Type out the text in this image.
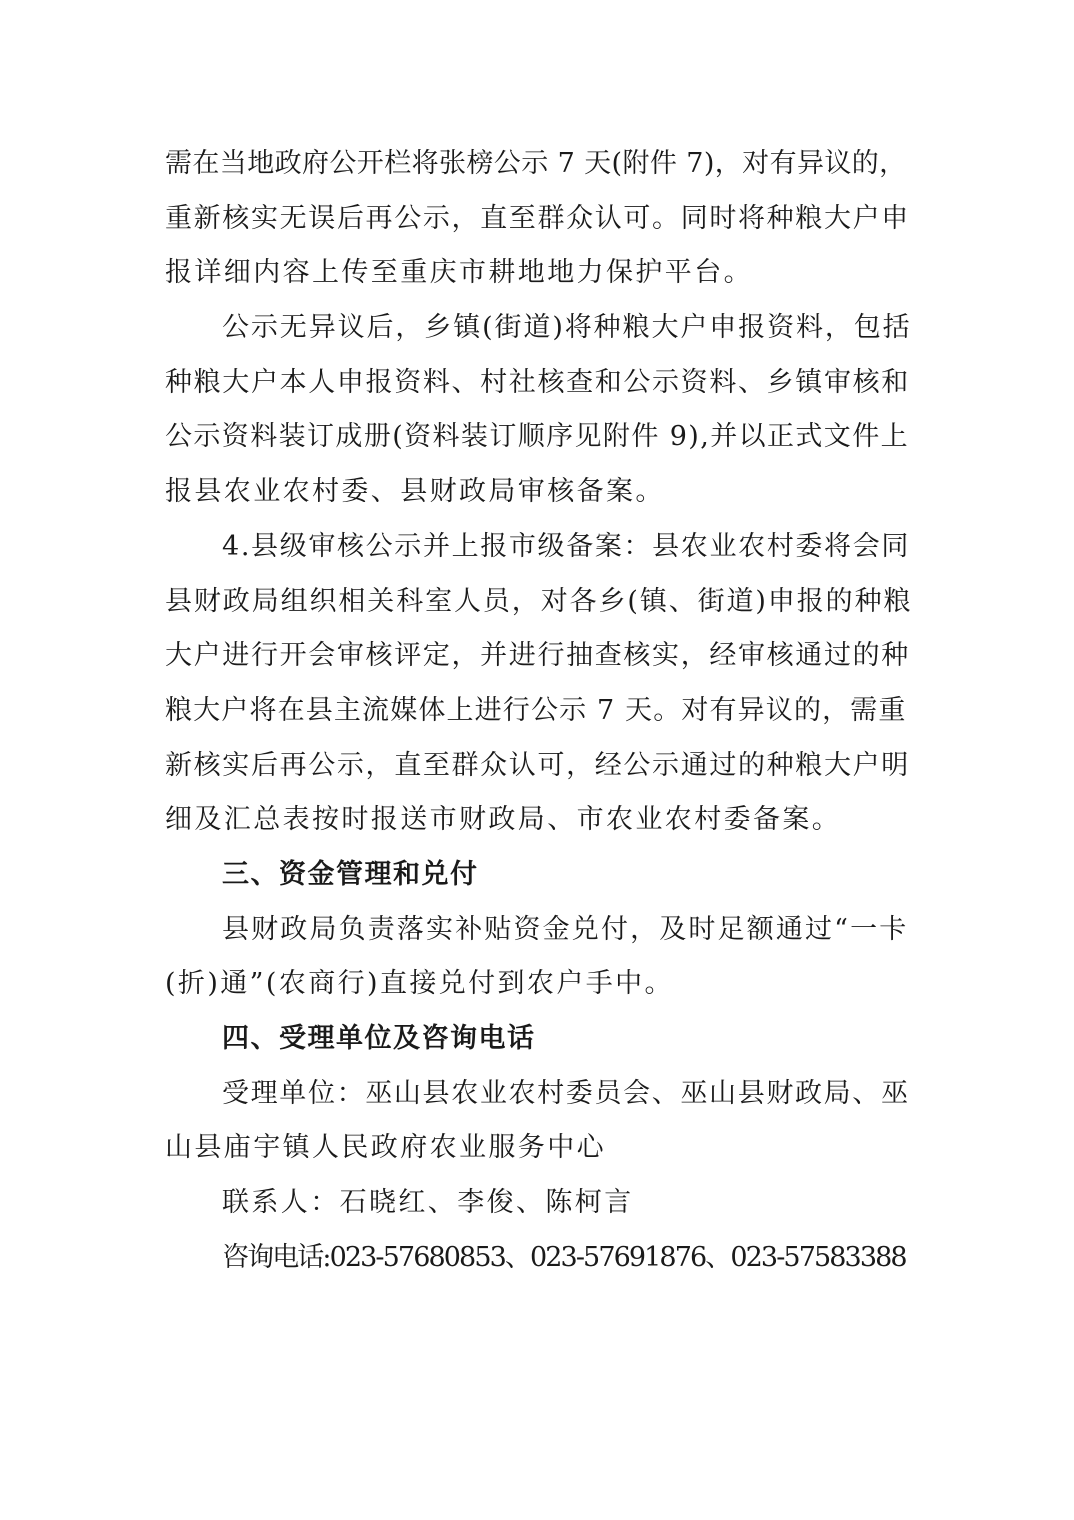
需在当地政府公开栏将张榜公示 7 天(附件 7)，对有异议的，
重新核实无误后再公示，直至群众认可。同时将种粮大户申
报详细内容上传至重庆市耕地地力保护平台。
公示无异议后，乡镇(街道)将种粮大户申报资料，包括
种粮大户本人申报资料、村社核查和公示资料、乡镇审核和
公示资料装订成册(资料装订顺序见附件 9),并以正式文件上
报县农业农村委、县财政局审核备案。
4.县级审核公示并上报市级备案：县农业农村委将会同
县财政局组织相关科室人员，对各乡(镇、街道)申报的种粮
大户进行开会审核评定，并进行抽查核实，经审核通过的种
粮大户将在县主流媒体上进行公示 7 天。对有异议的，需重
新核实后再公示，直至群众认可，经公示通过的种粮大户明
细及汇总表按时报送市财政局、市农业农村委备案。
三、资金管理和兑付
县财政局负责落实补贴资金兑付，及时足额通过“一卡
(折)通”(农商行)直接兑付到农户手中。
四、受理单位及咨询电话
受理单位：巫山县农业农村委员会、巫山县财政局、巫
山县庙宇镇人民政府农业服务中心
联系人：石晓红、李俊、陈柯言
咨询电话:023-57680853、023-57691876、023-57583388
